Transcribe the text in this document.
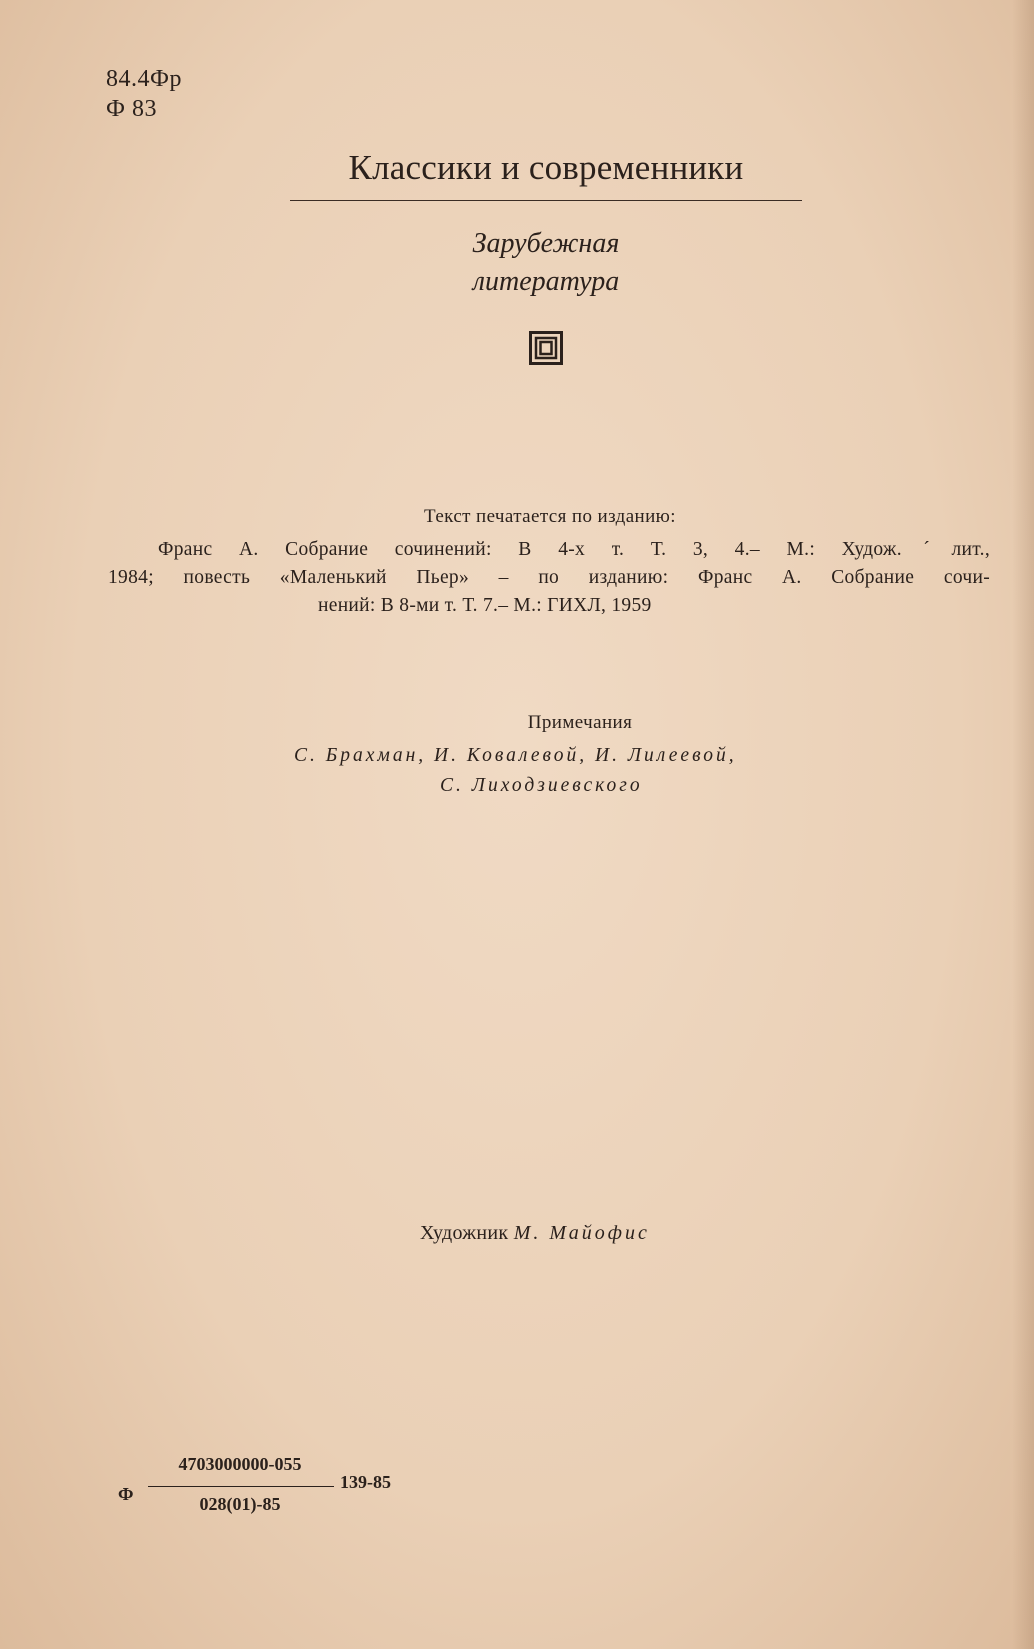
84.4Фр
Ф 83
Классики и современники
Зарубежная
литература
Текст печатается по изданию:
Франс А. Собрание сочинений: В 4-х т. Т. 3, 4.– М.: Худож.ˊлит.,
1984; повесть «Маленький Пьер» – по изданию: Франс А. Собрание сочи-
нений: В 8-ми т. Т. 7.– М.: ГИХЛ, 1959
Примечания
С. Брахман, И. Ковалевой, И. Лилеевой,
С. Лиходзиевского
Художник М. Майофис
Ф
4703000000-055
028(01)-85
139-85
